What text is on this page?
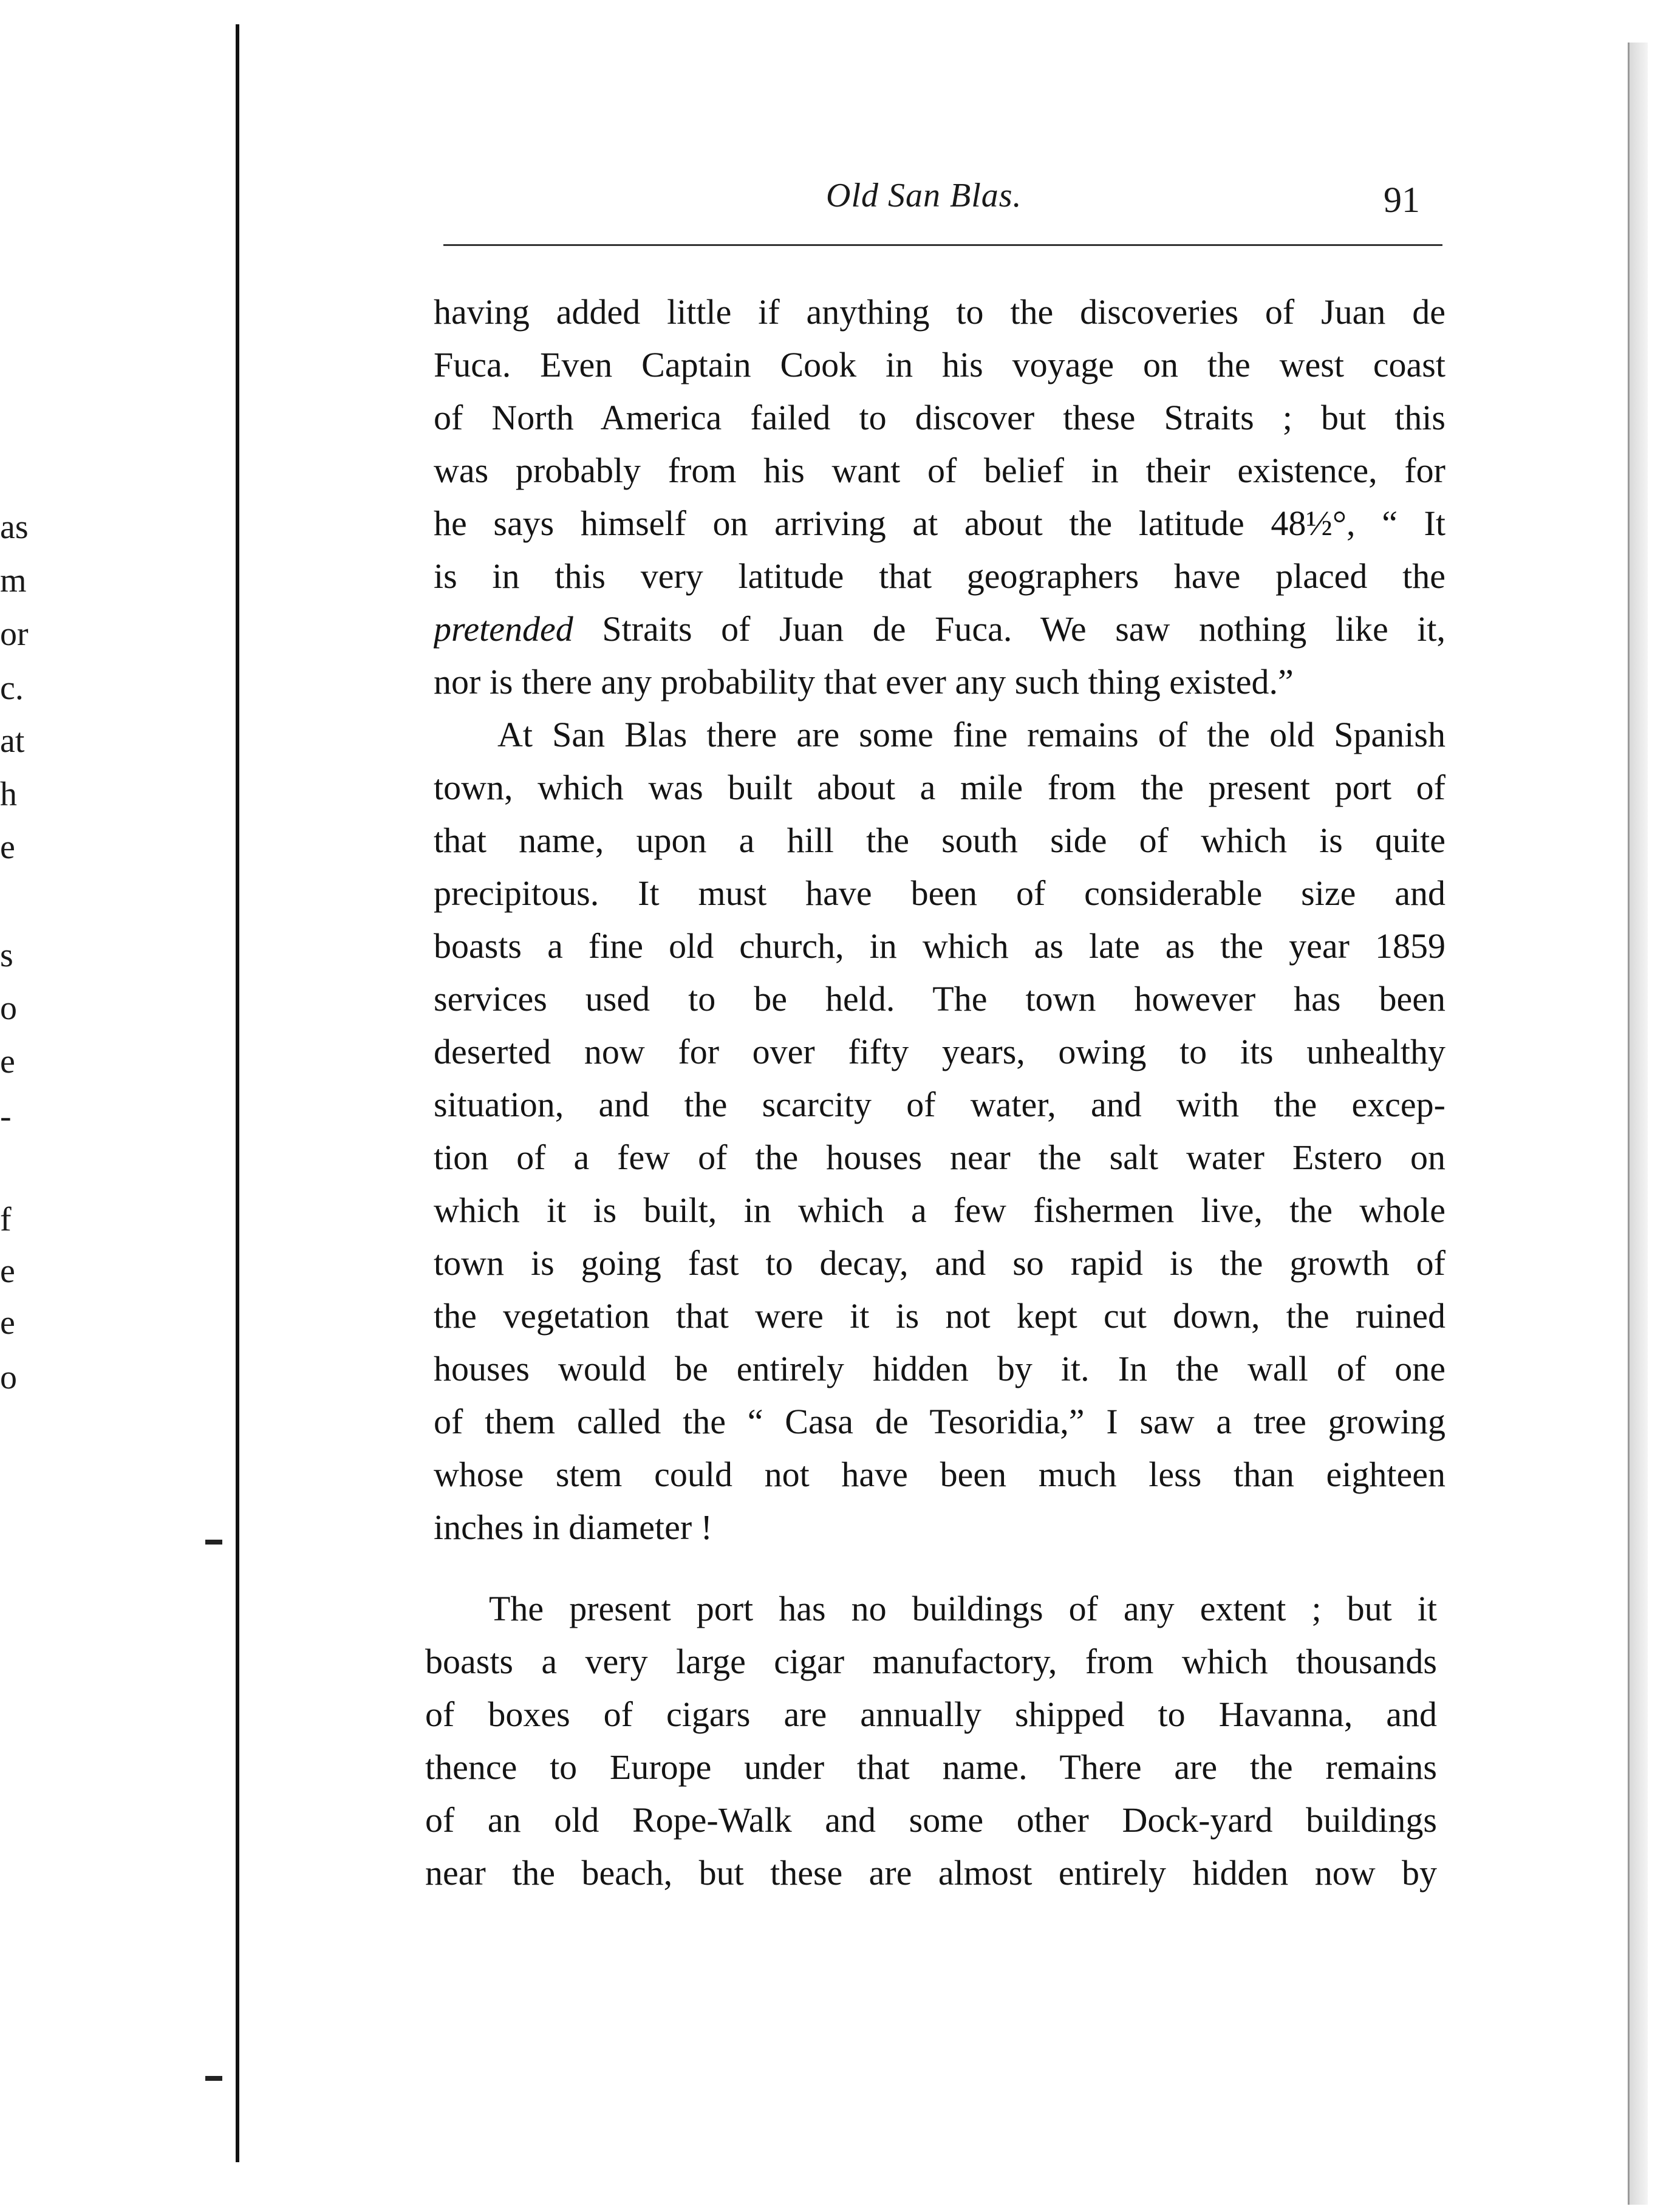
as
m
or
c.
at
h
e
s
o
e
-
f
e
e
o
Old San Blas.	91
having added little if anything to the discoveries of Juan de
Fuca. Even Captain Cook in his voyage on the west coast
of North America failed to discover these Straits ; but this
was probably from his want of belief in their existence, for
he says himself on arriving at about the latitude 48½°, “ It
is in this very latitude that geographers have placed the
pretended Straits of Juan de Fuca. We saw nothing like it,
nor is there any probability that ever any such thing existed.”
At San Blas there are some fine remains of the old Spanish
town, which was built about a mile from the present port of
that name, upon a hill the south side of which is quite
precipitous. It must have been of considerable size and
boasts a fine old church, in which as late as the year 1859
services used to be held. The town however has been
deserted now for over fifty years, owing to its unhealthy
situation, and the scarcity of water, and with the excep-
tion of a few of the houses near the salt water Estero on
which it is built, in which a few fishermen live, the whole
town is going fast to decay, and so rapid is the growth of
the vegetation that were it is not kept cut down, the ruined
houses would be entirely hidden by it. In the wall of one
of them called the “ Casa de Tesoridia,” I saw a tree growing
whose stem could not have been much less than eighteen
inches in diameter !
The present port has no buildings of any extent ; but it
boasts a very large cigar manufactory, from which thousands
of boxes of cigars are annually shipped to Havanna, and
thence to Europe under that name. There are the remains
of an old Rope-Walk and some other Dock-yard buildings
near the beach, but these are almost entirely hidden now by
